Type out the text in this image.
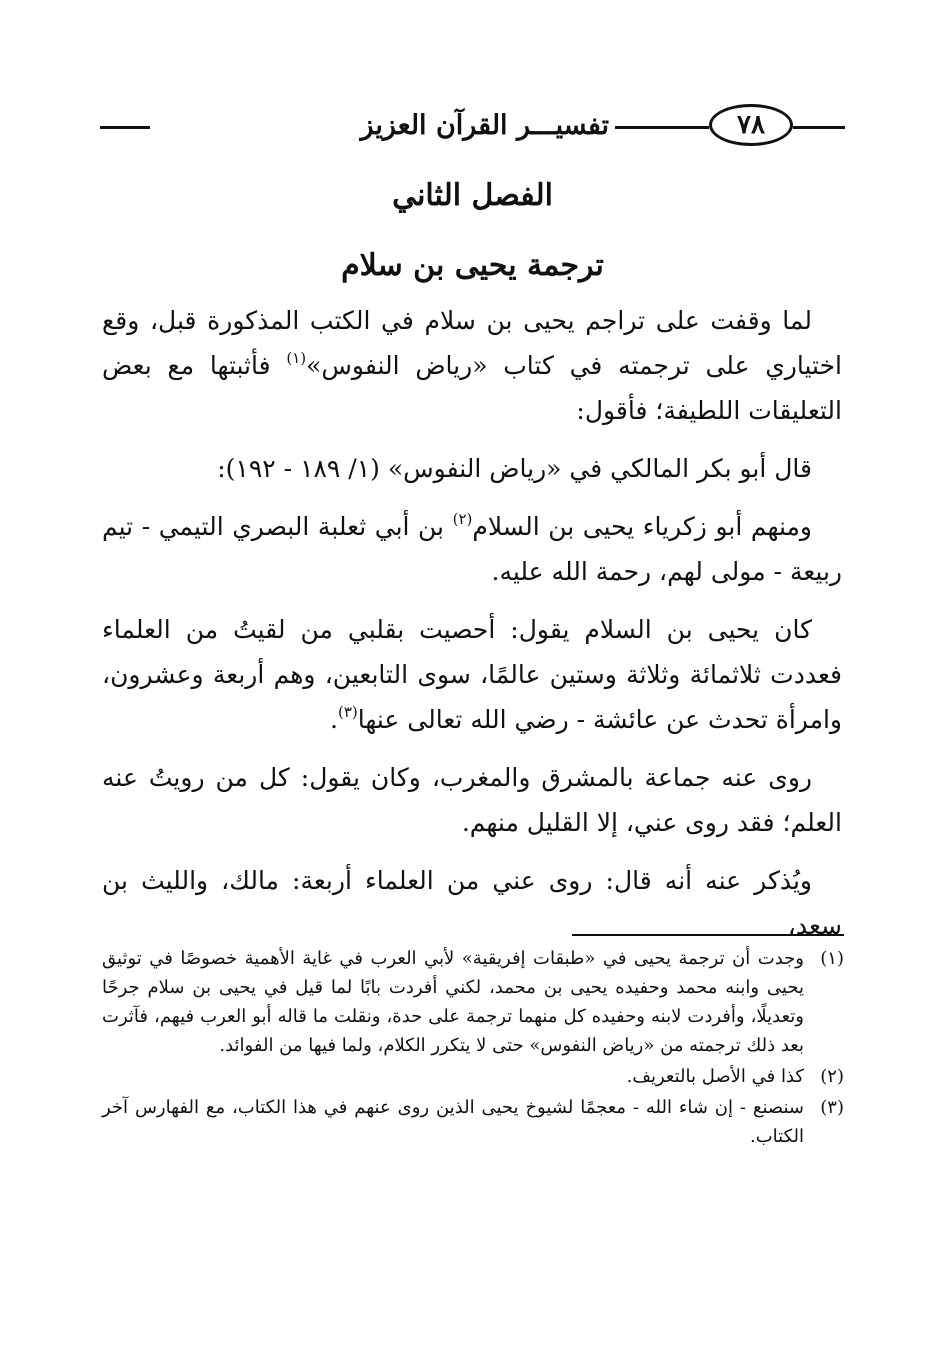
٧٨
تفسيـــر القرآن العزيز
الفصل الثاني
ترجمة يحيى بن سلام

لما وقفت على تراجم يحيى بن سلام في الكتب المذكورة قبل، وقع اختياري على ترجمته في كتاب «رياض النفوس»$^{(١)}$ فأثبتها مع بعض التعليقات اللطيفة؛ فأقول:

قال أبو بكر المالكي في «رياض النفوس» (١/ ١٨٩ - ١٩٢):

ومنهم أبو زكرياء يحيى بن السلام$^{(٢)}$ بن أبي ثعلبة البصري التيمي - تيم ربيعة - مولى لهم، رحمة الله عليه.

كان يحيى بن السلام يقول: أحصيت بقلبي من لقيتُ من العلماء فعددت ثلاثمائة وثلاثة وستين عالمًا، سوى التابعين، وهم أربعة وعشرون، وامرأة تحدث عن عائشة - رضي الله تعالى عنها$^{(٣)}$.

روى عنه جماعة بالمشرق والمغرب، وكان يقول: كل من رويتُ عنه العلم؛ فقد روى عني، إلا القليل منهم.

ويُذكر عنه أنه قال: روى عني من العلماء أربعة: مالك، والليث بن سعد،

(١)
وجدت أن ترجمة يحيى في «طبقات إفريقية» لأبي العرب في غاية الأهمية خصوصًا في توثيق يحيى وابنه محمد وحفيده يحيى بن محمد، لكني أفردت بابًا لما قيل في يحيى بن سلام جرحًا وتعديلًا، وأفردت لابنه وحفيده كل منهما ترجمة على حدة، ونقلت ما قاله أبو العرب فيهم، فآثرت بعد ذلك ترجمته من «رياض النفوس» حتى لا يتكرر الكلام، ولما فيها من الفوائد.
(٢)
كذا في الأصل بالتعريف.
(٣)
سنصنع - إن شاء الله - معجمًا لشيوخ يحيى الذين روى عنهم في هذا الكتاب، مع الفهارس آخر الكتاب.
